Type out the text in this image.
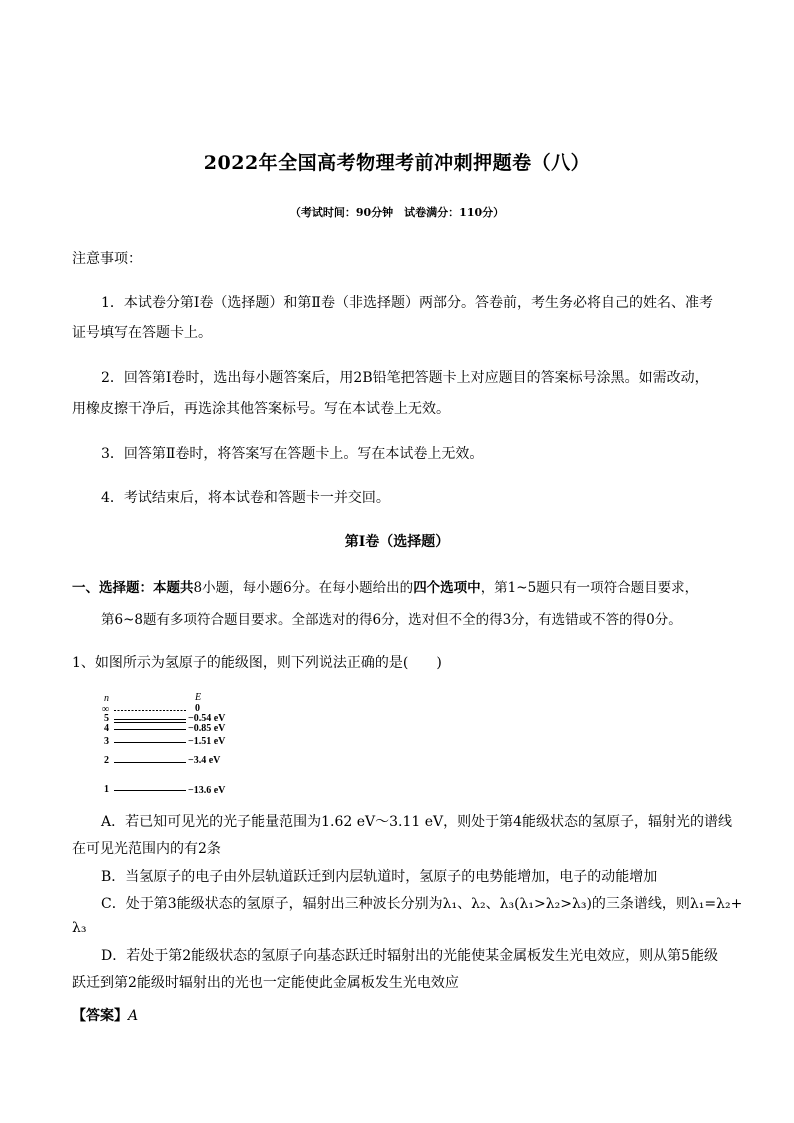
2022年全国高考物理考前冲刺押题卷（八）
（考试时间：90分钟　试卷满分：110分）
注意事项：
1．本试卷分第Ⅰ卷（选择题）和第Ⅱ卷（非选择题）两部分。答卷前，考生务必将自己的姓名、准考
证号填写在答题卡上。
2．回答第Ⅰ卷时，选出每小题答案后，用2B铅笔把答题卡上对应题目的答案标号涂黑。如需改动，
用橡皮擦干净后，再选涂其他答案标号。写在本试卷上无效。
3．回答第Ⅱ卷时，将答案写在答题卡上。写在本试卷上无效。
4．考试结束后，将本试卷和答题卡一并交回。
第Ⅰ卷（选择题）
一、选择题：本题共8小题，每小题6分。在每小题给出的四个选项中，第1~5题只有一项符合题目要求，
第6~8题有多项符合题目要求。全部选对的得6分，选对但不全的得3分，有选错或不答的得0分。
1、如图所示为氢原子的能级图，则下列说法正确的是(　　)
n	E
∞	0
5	−0.54 eV
4	−0.85 eV
3	−1.51 eV
2	−3.4 eV
1	−13.6 eV
A．若已知可见光的光子能量范围为1.62 eV～3.11 eV，则处于第4能级状态的氢原子，辐射光的谱线
在可见光范围内的有2条
B．当氢原子的电子由外层轨道跃迁到内层轨道时，氢原子的电势能增加，电子的动能增加
C．处于第3能级状态的氢原子，辐射出三种波长分别为λ₁、λ₂、λ₃(λ₁>λ₂>λ₃)的三条谱线，则λ₁=λ₂+
λ₃
D．若处于第2能级状态的氢原子向基态跃迁时辐射出的光能使某金属板发生光电效应，则从第5能级
跃迁到第2能级时辐射出的光也一定能使此金属板发生光电效应
【答案】A
